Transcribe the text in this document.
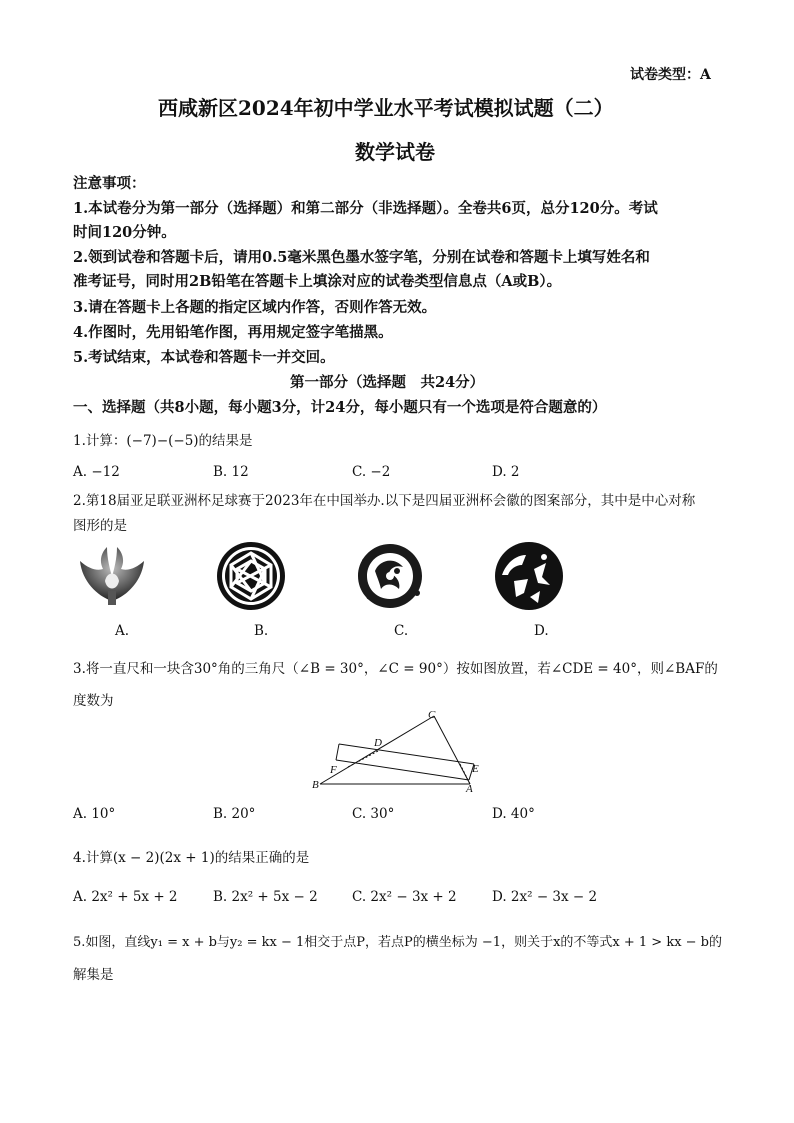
试卷类型：A
西咸新区2024年初中学业水平考试模拟试题（二）
数学试卷
注意事项：
1.本试卷分为第一部分（选择题）和第二部分（非选择题）。全卷共6页，总分120分。考试
时间120分钟。
2.领到试卷和答题卡后，请用0.5毫米黑色墨水签字笔，分别在试卷和答题卡上填写姓名和
准考证号，同时用2B铅笔在答题卡上填涂对应的试卷类型信息点（A或B）。
3.请在答题卡上各题的指定区域内作答，否则作答无效。
4.作图时，先用铅笔作图，再用规定签字笔描黑。
5.考试结束，本试卷和答题卡一并交回。
第一部分（选择题　共24分）
一、选择题（共8小题，每小题3分，计24分，每小题只有一个选项是符合题意的）
1.计算：(−7)−(−5)的结果是
A. −12	B. 12	C. −2	D. 2
2.第18届亚足联亚洲杯足球赛于2023年在中国举办.以下是四届亚洲杯会徽的图案部分，其中是中心对称
图形的是
A.	B.	C.	D.
3.将一直尺和一块含30°角的三角尺（∠B = 30°，∠C = 90°）按如图放置，若∠CDE = 40°，则∠BAF的
度数为
C
D
F	E
B	A
A. 10°	B. 20°	C. 30°	D. 40°
4.计算(x − 2)(2x + 1)的结果正确的是
A. 2x² + 5x + 2	B. 2x² + 5x − 2	C. 2x² − 3x + 2	D. 2x² − 3x − 2
5.如图，直线y₁ = x + b与y₂ = kx − 1相交于点P，若点P的横坐标为 −1，则关于x的不等式x + 1 > kx − b的
解集是
